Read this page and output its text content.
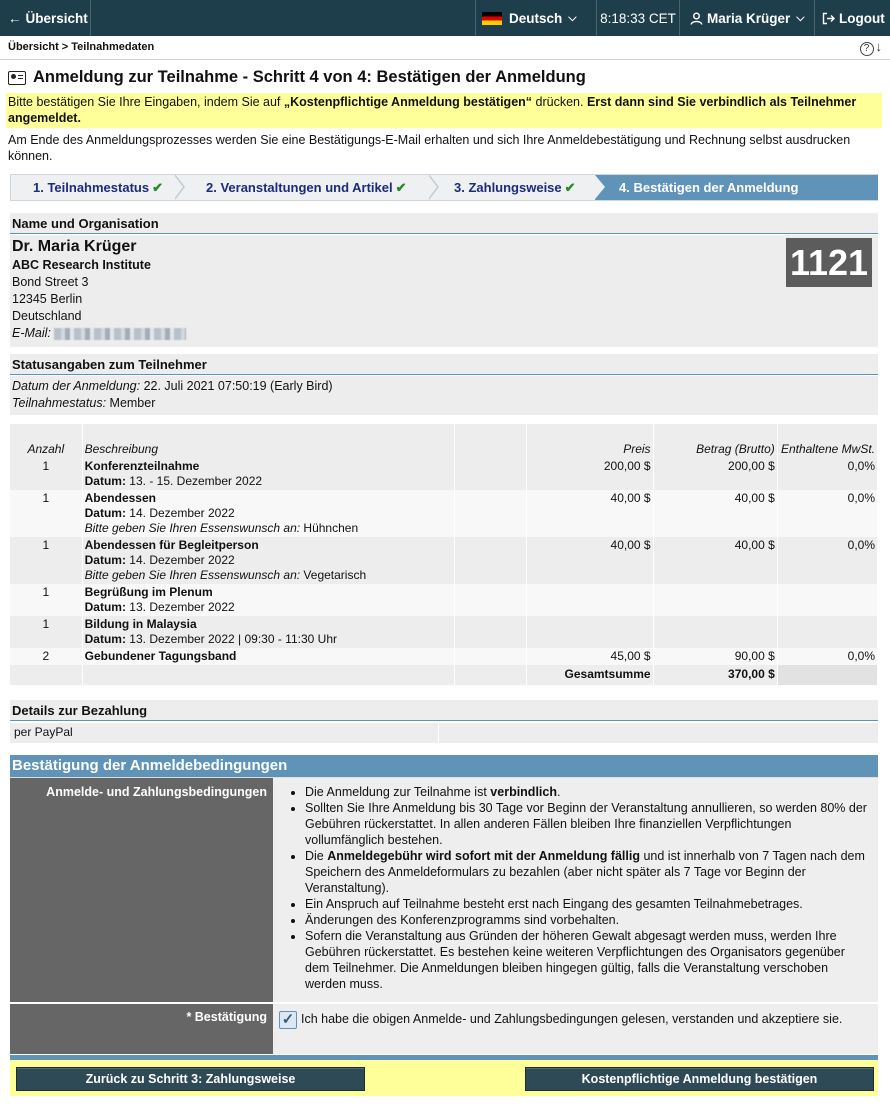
← Übersicht	Deutsch ⌵ 8:18:33
CET Maria Krüger ⌵	Logout
Übersicht > Teilnahmedaten	? ↓
Anmeldung zur Teilnahme - Schritt 4 von 4: Bestätigen der Anmeldung
Bitte bestätigen Sie Ihre Eingaben, indem Sie auf „Kostenpflichtige Anmeldung bestätigen“ drücken. Erst dann sind Sie verbindlich als Teilnehmer angemeldet.
Am Ende des Anmeldungsprozesses werden Sie eine Bestätigungs-E-Mail erhalten und sich Ihre Anmeldebestätigung und Rechnung selbst ausdrucken können.
1. Teilnahmestatus ✔	2. Veranstaltungen und Artikel ✔	3. Zahlungsweise ✔	4. Bestätigen der Anmeldung
Name und Organisation
Dr. Maria Krüger
ABC Research Institute
Bond Street 3
12345 Berlin
Deutschland
E-Mail:
1121
Statusangaben zum Teilnehmer
Datum der Anmeldung: 22. Juli 2021 07:50:19 (Early Bird)
Teilnahmestatus: Member
Anzahl	Beschreibung		Preis	Betrag (Brutto)	Enthaltene MwSt.
1	Konferenzteilnahme
Datum: 13. - 15. Dezember 2022		200,00 $	200,00 $	0,0%
1	Abendessen
Datum: 14. Dezember 2022
Bitte geben Sie Ihren Essenswunsch an: Hühnchen		40,00 $	40,00 $	0,0%
1	Abendessen für Begleitperson
Datum: 14. Dezember 2022
Bitte geben Sie Ihren Essenswunsch an: Vegetarisch		40,00 $	40,00 $	0,0%
1	Begrüßung im Plenum
Datum: 13. Dezember 2022				
1	Bildung in Malaysia
Datum: 13. Dezember 2022 | 09:30 - 11:30 Uhr				
2	Gebundener Tagungsband		45,00 $	90,00 $	0,0%
			Gesamtsumme	370,00 $	
Details zur Bezahlung
per PayPal
Bestätigung der Anmeldebedingungen
Anmelde- und Zahlungsbedingungen	• Die Anmeldung zur Teilnahme ist verbindlich.
• Sollten Sie Ihre Anmeldung bis 30 Tage vor Beginn der Veranstaltung annullieren, so werden 80% der Gebühren rückerstattet. In allen anderen Fällen bleiben Ihre finanziellen Verpflichtungen vollumfänglich bestehen.
• Die Anmeldegebühr wird sofort mit der Anmeldung fällig und ist innerhalb von 7 Tagen nach dem Speichern des Anmeldeformulars zu bezahlen (aber nicht später als 7 Tage vor Beginn der Veranstaltung).
• Ein Anspruch auf Teilnahme besteht erst nach Eingang des gesamten Teilnahmebetrages.
• Änderungen des Konferenzprogramms sind vorbehalten.
• Sofern die Veranstaltung aus Gründen der höheren Gewalt abgesagt werden muss, werden Ihre Gebühren rückerstattet. Es bestehen keine weiteren Verpflichtungen des Organisators gegenüber dem Teilnehmer. Die Anmeldungen bleiben hingegen gültig, falls die Veranstaltung verschoben werden muss.
* Bestätigung ✓ Ich habe die obigen Anmelde- und Zahlungsbedingungen gelesen, verstanden und akzeptiere sie.
Zurück zu Schritt 3: Zahlungsweise	Kostenpflichtige Anmeldung bestätigen
